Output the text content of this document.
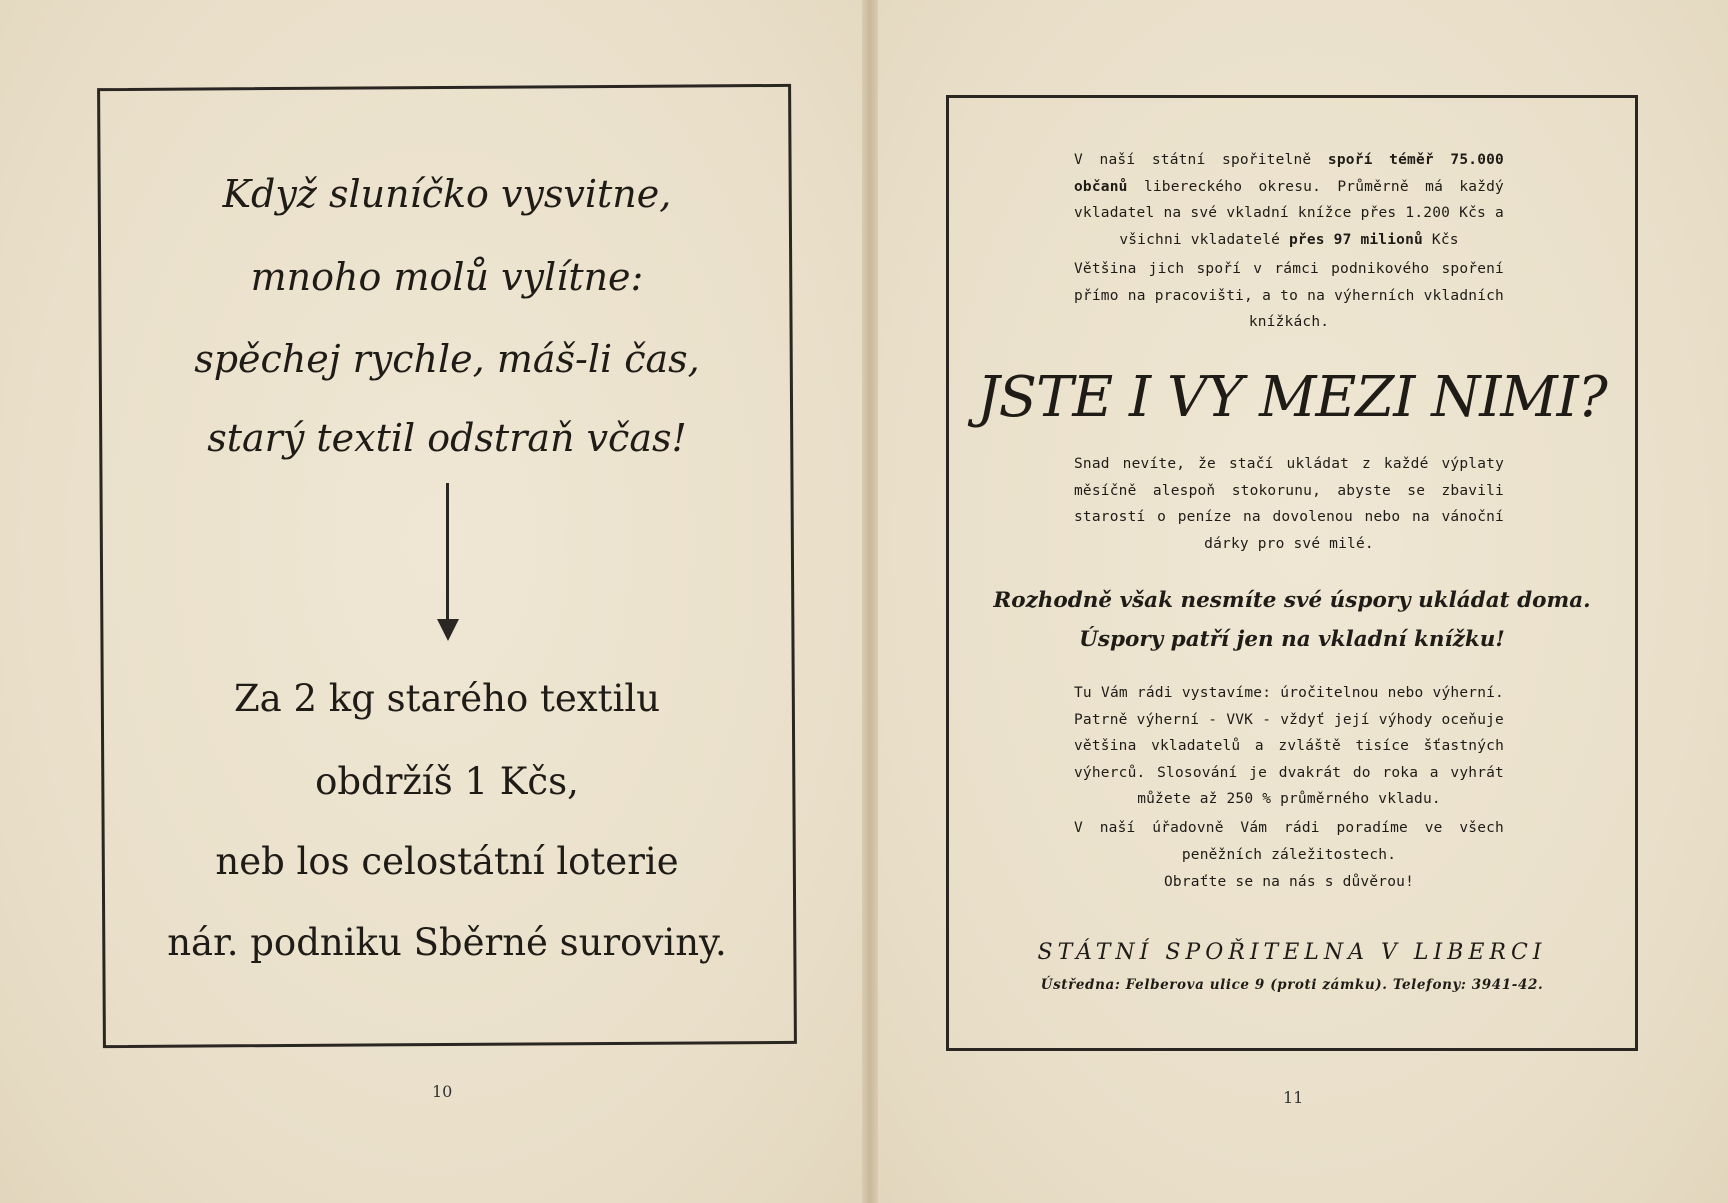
Když sluníčko vysvitne,
mnoho molů vylítne:
spěchej rychle, máš-li čas,
starý textil odstraň včas!
Za 2 kg starého textilu
obdržíš 1 Kčs,
neb los celostátní loterie
nár. podniku Sběrné suroviny.
10
V naší státní spořitelně spoří téměř 75.000 občanů libereckého okresu. Průměrně má každý vkladatel na své vkladní knížce přes 1.200 Kčs a všichni vkladatelé přes 97 milionů Kčs
Většina jich spoří v rámci podnikového spoření přímo na pracovišti, a to na výherních vkladních knížkách.
JSTE I VY MEZI NIMI?
Snad nevíte, že stačí ukládat z každé výplaty měsíčně alespoň stokorunu, abyste se zbavili starostí o peníze na dovolenou nebo na vánoční dárky pro své milé.
Rozhodně však nesmíte své úspory ukládat doma.
Úspory patří jen na vkladní knížku!
Tu Vám rádi vystavíme: úročitelnou nebo výherní. Patrně výherní - VVK - vždyť její výhody oceňuje většina vkladatelů a zvláště tisíce šťastných výherců. Slosování je dvakrát do roka a vyhrát můžete až 250 % průměrného vkladu.
V naší úřadovně Vám rádi poradíme ve všech peněžních záležitostech.
Obraťte se na nás s důvěrou!
STÁTNÍ SPOŘITELNA V LIBERCI
Ústředna: Felberova ulice 9 (proti zámku). Telefony: 3941-42.
11
